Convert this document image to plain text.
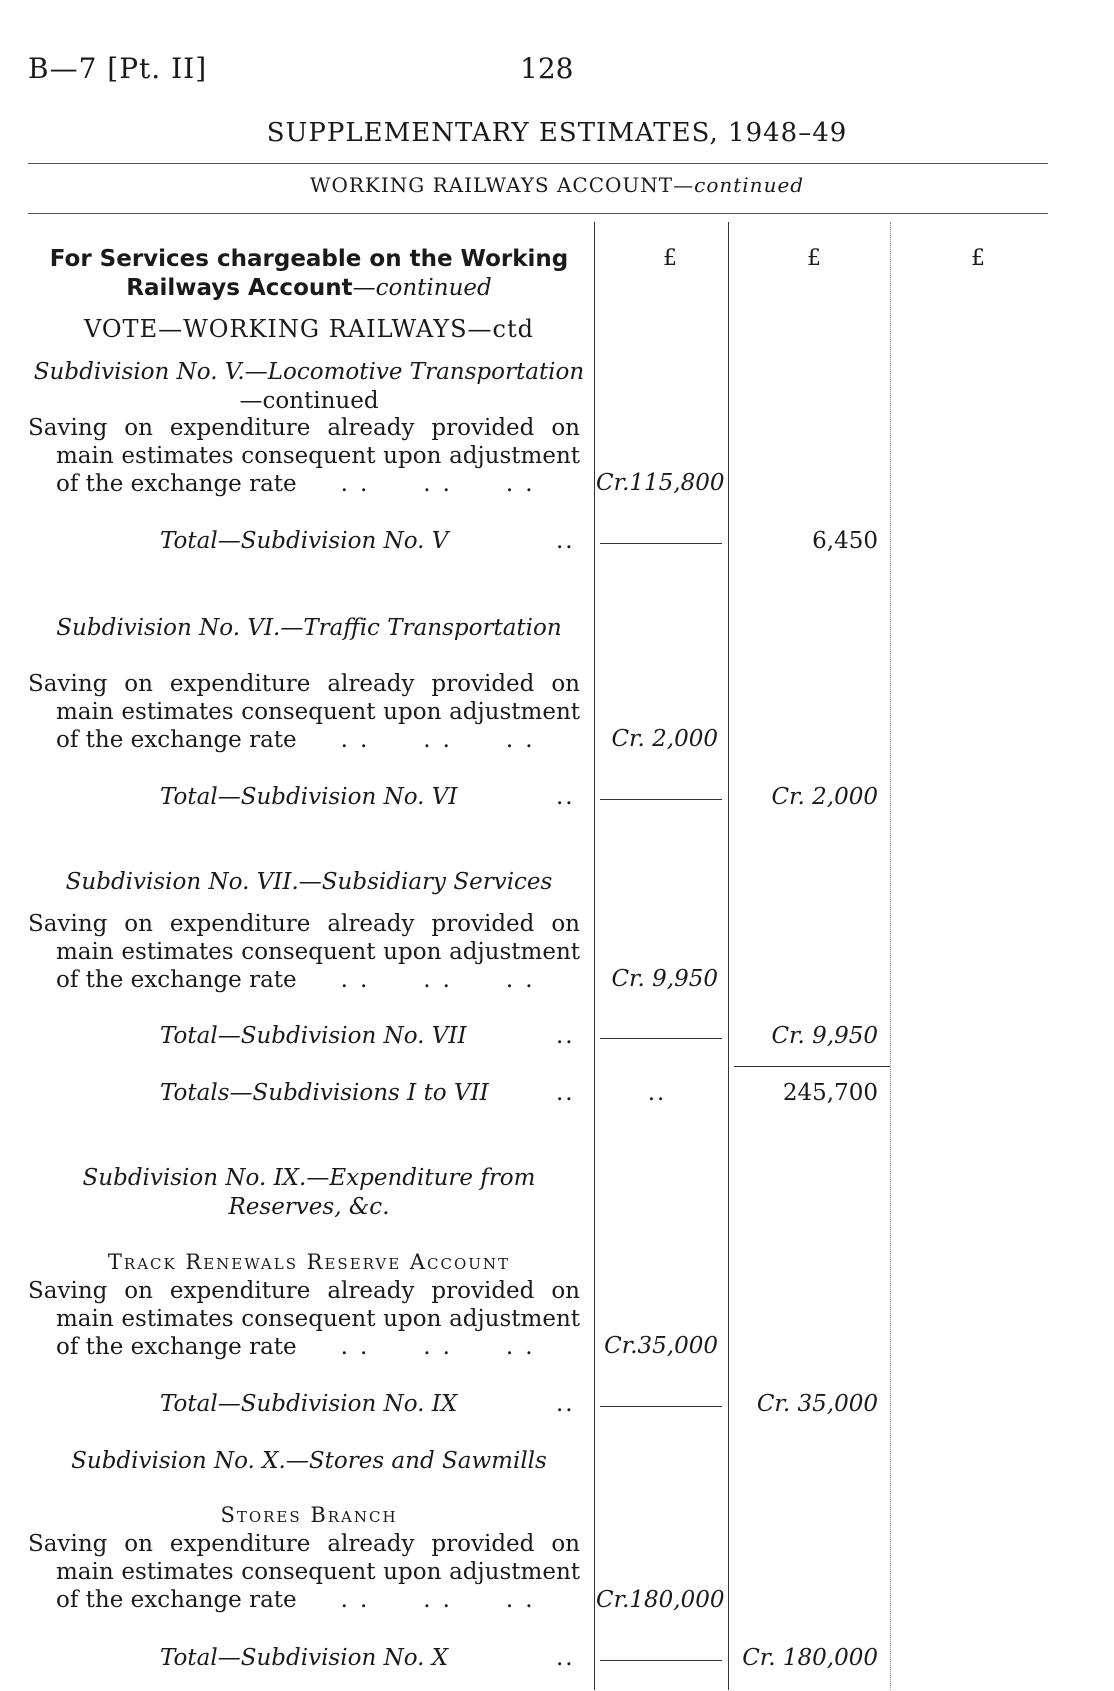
B—7 [Pt. II]	128
SUPPLEMENTARY ESTIMATES, 1948–49
WORKING RAILWAYS ACCOUNT—continued
£	£	£
For Services chargeable on the Working
Railways Account—continued
VOTE—WORKING RAILWAYS—ctd
Subdivision No. V.—Locomotive Transportation
—continued
Saving on expenditure already provided on
main estimates consequent upon adjustment
of the exchange rate .. .. ..	Cr.115,800
Total—Subdivision No. V	..	6,450
Subdivision No. VI.—Traffic Transportation
Saving on expenditure already provided on
main estimates consequent upon adjustment
of the exchange rate .. .. ..	Cr. 2,000
Total—Subdivision No. VI	..	Cr. 2,000
Subdivision No. VII.—Subsidiary Services
Saving on expenditure already provided on
main estimates consequent upon adjustment
of the exchange rate .. .. ..	Cr. 9,950
Total—Subdivision No. VII	..	Cr. 9,950
Totals—Subdivisions I to VII	..	..	245,700
Subdivision No. IX.—Expenditure from
Reserves, &c.
Track Renewals Reserve Account
Saving on expenditure already provided on
main estimates consequent upon adjustment
of the exchange rate .. .. ..	Cr.35,000
Total—Subdivision No. IX	..	Cr. 35,000
Subdivision No. X.—Stores and Sawmills
Stores Branch
Saving on expenditure already provided on
main estimates consequent upon adjustment
of the exchange rate .. .. ..	Cr.180,000
Total—Subdivision No. X	..	Cr. 180,000
